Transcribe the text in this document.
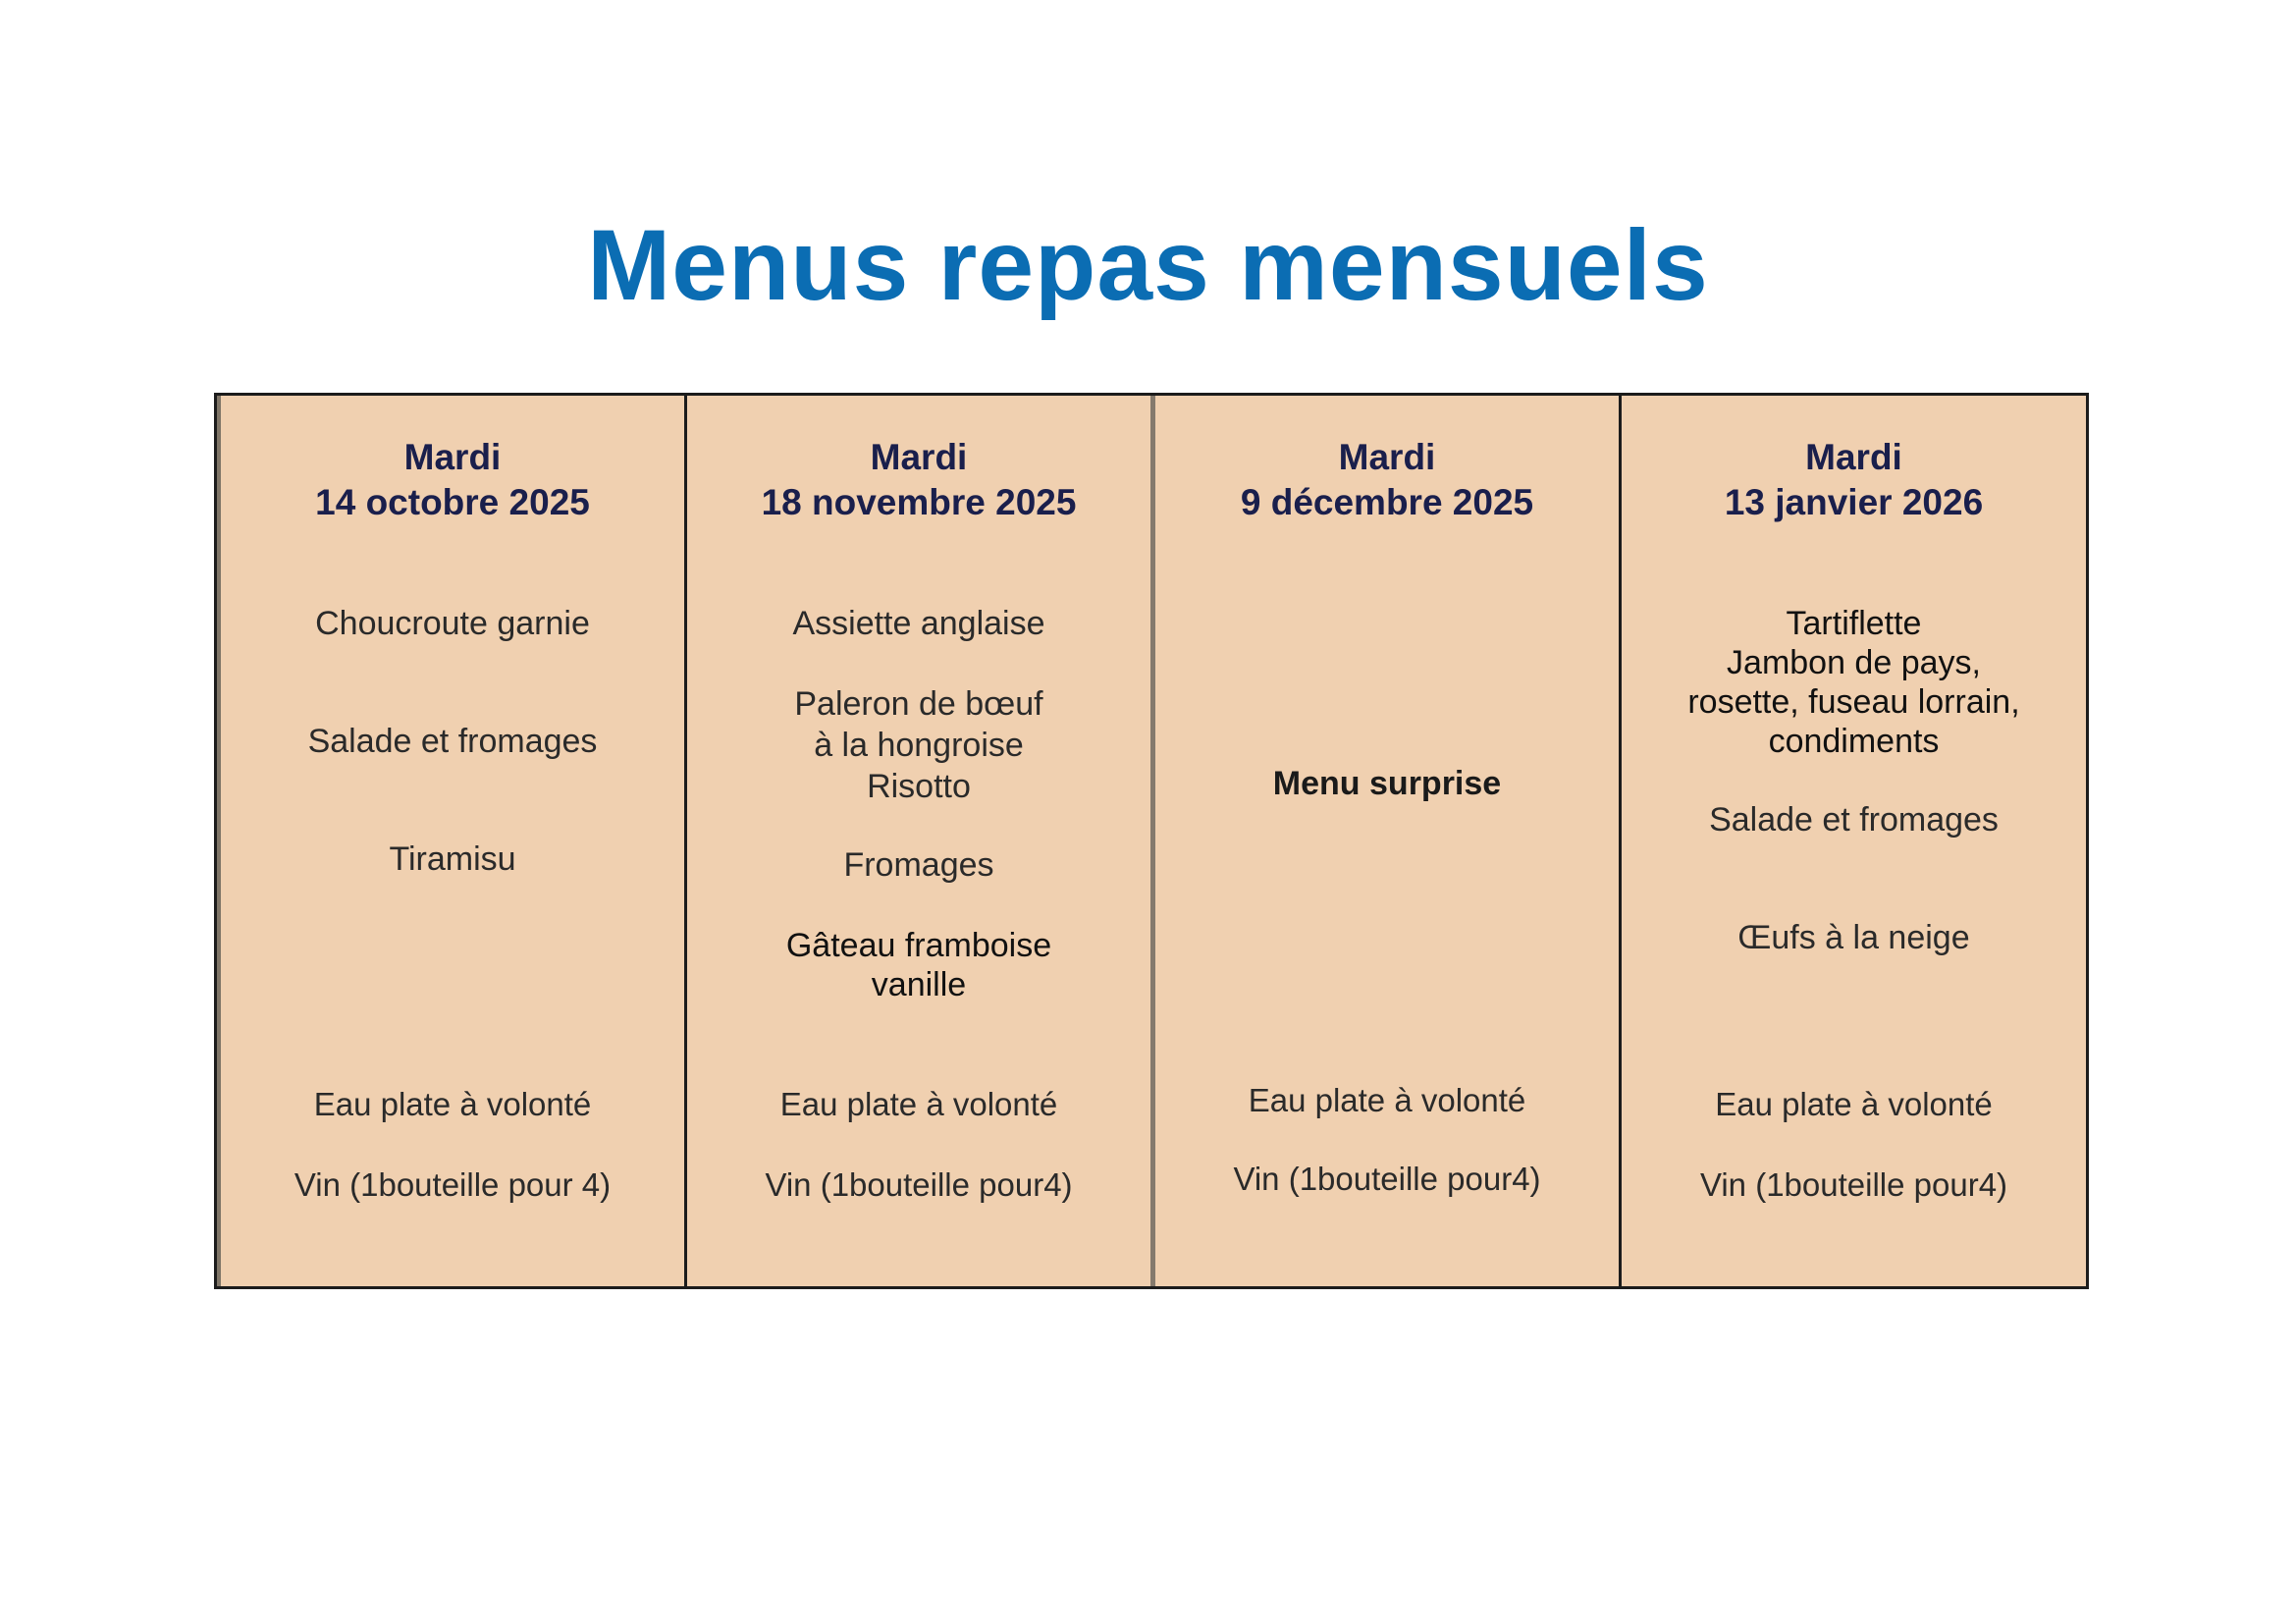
Menus repas mensuels
Mardi
14 octobre 2025
Choucroute garnie
Salade et fromages
Tiramisu
Eau plate à volonté
Vin (1bouteille pour 4)
Mardi
18 novembre 2025
Assiette anglaise
Paleron de bœuf
à la hongroise
Risotto
Fromages
Gâteau framboise
vanille
Eau plate à volonté
Vin (1bouteille pour4)
Mardi
9 décembre 2025
Menu surprise
Eau plate à volonté
Vin (1bouteille pour4)
Mardi
13 janvier 2026
Tartiflette
Jambon de pays,
rosette, fuseau lorrain,
condiments
Salade et fromages
Œufs à la neige
Eau plate à volonté
Vin (1bouteille pour4)
